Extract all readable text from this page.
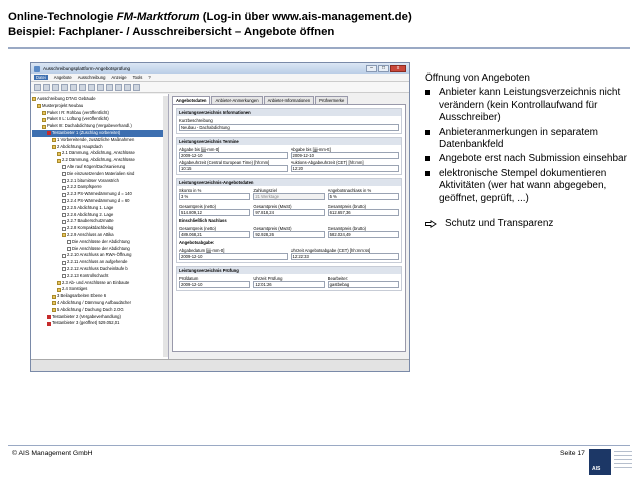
Online-Technologie FM-Marktforum (Log-in über www.ais-management.de)
Beispiel: Fachplaner- / Ausschreibersicht – Angebote öffnen
Ausschreibungsplattform-Angebotsprüfung	–	□	x
Datei	Angebote Ausschreibung Anzeige Tools ?
Ausschreibung DTAG Gebäude
Musterprojekt Neubau
Paket I R: Rohbau (veröffentlicht)
Paket II L: Lüftung (veröffentlicht)
Paket III: Dachabdichtung (Vergabeverhandl.)
Testanbieter 1 (Zuschlag vorbereitet)
1 Vorbereitende, zusätzliche Maßnahmen
2 Abdichtung Hauptdach
2.1 Dämmung, Abdichtung, Anschlüsse
2.2 Dämmung, Abdichtung, Anschlüsse
Alte rauf Kögen/Dachsanierung
Die einzusetzenden Materialien sind
2.2.1 bitumiöser Voranstrich
2.2.2 Dampfsperre
2.2.3 PS-Wärmedämmung d = 140
2.2.4 PS-Wärmedämmung d = 60
2.2.5 Abdichtung 1. Lage
2.2.6 Abdichtung 2. Lage
2.2.7 Bauberschutzmatte
2.2.8 Kompaktdachbelag
2.2.9 Anschluss an Attika
Die Anschlüsse der Abdichtung
Die Anschlüsse der Abdichtung
2.2.10 Anschluss an RWA-Öffnung
2.2.11 Anschluss an aufgehende
2.2.12 Anschluss Dacheinläufe b
2.2.13 Kontrollschacht
2.3 Ab- und Anschlüsse an Einbaute
2.4 Sonstiges
3 Beilagsarbeiten Ebene 6
4 Abdichtung / Dämmung Aufbaudächer
5 Abdichtung / Dachung Dach 2.OG
Testanbieter 2 (Vergabeverhandlung)
Testanbieter 3 (geöffnet) 529.052,01
Angebotsdaten	Anbieter-Anmerkungen	Anbieter-Informationen	Prüfvermerke
Leistungsverzeichnis Informationen
Kurzbeschreibung
Neubau - Dachabdichtung
Leistungsverzeichnis Termine
Abgabe bis [jjjj-mm-tt]
2009-12-10
Abgabe bis [jjjj-mm-tt]
2009-12-10
Abgabeuhrzeit (Central European Time) [hh:mm]
10:15
Auktions-Abgabeuhrzeit (CET) [hh:mm]
12:20
Leistungsverzeichnis-Angebotsdaten
Skonto in %
3 %
Zahlungsziel
21 Werktage
Angebotsnachlass in %
5 %
Gesamtpreis (netto)
514.809,12
Gesamtpreis (MwSt)
97.818,24
Gesamtpreis (brutto)
612.657,36
Einschließlich Nachlass
Gesamtpreis (netto)
489.068,21
Gesamtpreis (MwSt)
92.928,26
Gesamtpreis (brutto)
582.024,49
Angebotsabgabe:
Abgabedatum [jjjj-mm-tt]
2009-12-10
Uhrzeit Angebotsabgabe (CET) [hh:mm:ss]
12:22:33
Leistungsverzeichnis Prüfung
Prüfdatum
2009-12-10
Uhrzeit Prüfung
12:01:26
Bearbeiter:
gastbebag
Öffnung von Angeboten
Anbieter kann Leistungsverzeichnis nicht verändern (kein Kontrollaufwand für Ausschreiber)
Anbieteranmerkungen in separatem Datenbankfeld
Angebote erst nach Submission einsehbar
elektronische Stempel dokumentieren Aktivitäten (wer hat wann abgegeben, geöffnet, geprüft, ...)
Schutz und Transparenz
© AIS Management GmbH	Seite 17
AIS
